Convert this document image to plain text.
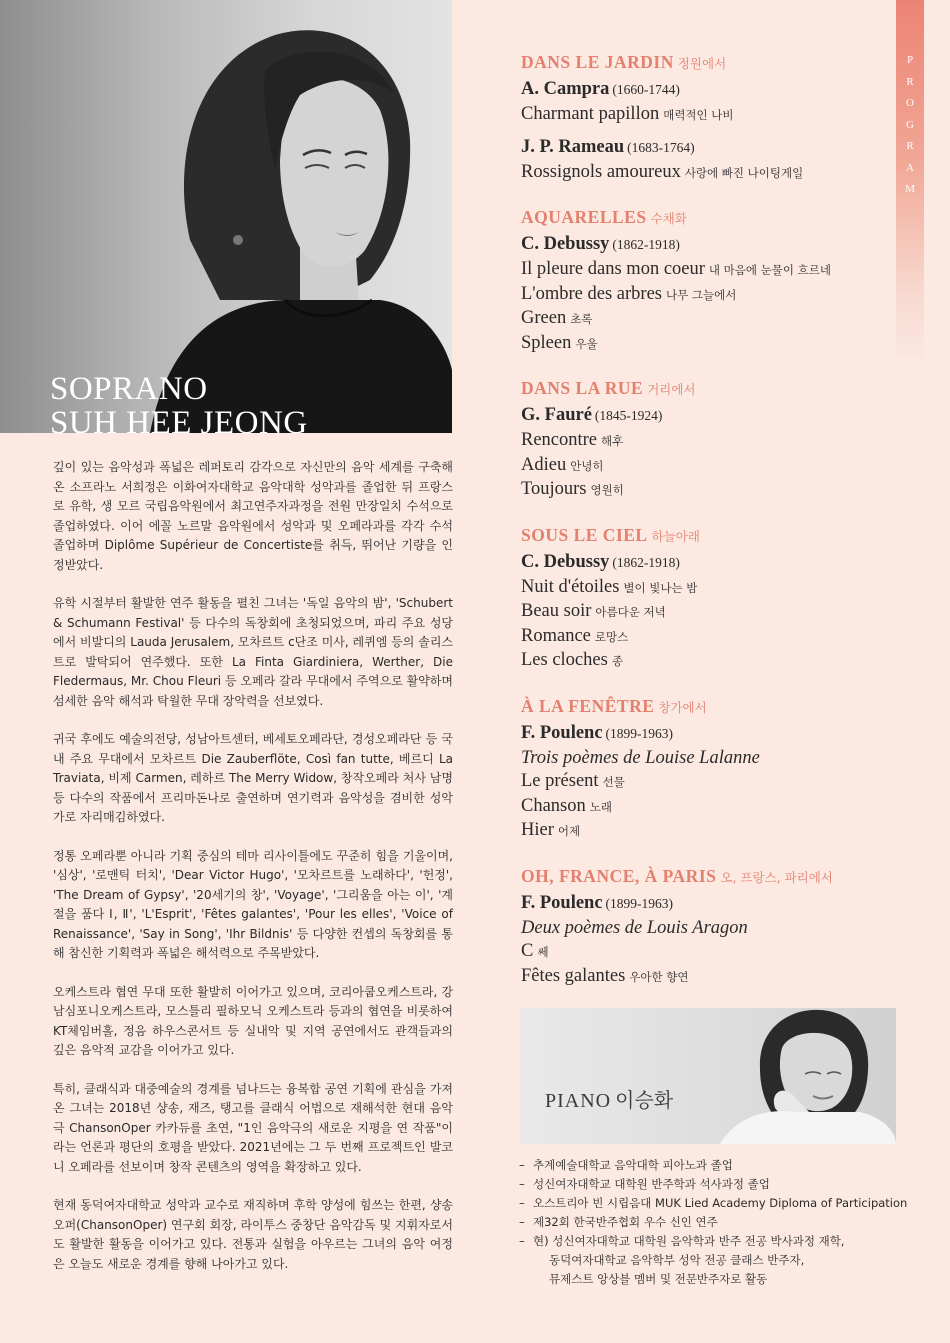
SOPRANO
SUH HEE JEONG

깊이 있는 음악성과 폭넓은 레퍼토리 감각으로 자신만의 음악 세계를 구축해온 소프라노 서희정은 이화여자대학교 음악대학 성악과를 졸업한 뒤 프랑스로 유학, 생 모르 국립음악원에서 최고연주자과정을 전원 만장일치 수석으로 졸업하였다. 이어 에꼴 노르말 음악원에서 성악과 및 오페라과를 각각 수석 졸업하며 Diplôme Supérieur de Concertiste를 취득, 뛰어난 기량을 인정받았다.

유학 시절부터 활발한 연주 활동을 펼친 그녀는 '독일 음악의 밤', 'Schubert & Schumann Festival' 등 다수의 독창회에 초청되었으며, 파리 주요 성당에서 비발디의 Lauda Jerusalem, 모차르트 c단조 미사, 레퀴엠 등의 솔리스트로 발탁되어 연주했다. 또한 La Finta Giardiniera, Werther, Die Fledermaus, Mr. Chou Fleuri 등 오페라 갈라 무대에서 주역으로 활약하며 섬세한 음악 해석과 탁월한 무대 장악력을 선보였다.

귀국 후에도 예술의전당, 성남아트센터, 베세토오페라단, 경성오페라단 등 국내 주요 무대에서 모차르트 Die Zauberflöte, Così fan tutte, 베르디 La Traviata, 비제 Carmen, 레하르 The Merry Widow, 창작오페라 처사 남명 등 다수의 작품에서 프리마돈나로 출연하며 연기력과 음악성을 겸비한 성악가로 자리매김하였다.

정통 오페라뿐 아니라 기획 중심의 테마 리사이틀에도 꾸준히 힘을 기울이며, '심상', '로맨틱 터치', 'Dear Victor Hugo', '모차르트를 노래하다', '헌정', 'The Dream of Gypsy', '20세기의 창', 'Voyage', '그리움을 아는 이', '계절을 품다 Ⅰ, Ⅱ', 'L'Esprit', 'Fêtes galantes', 'Pour les elles', 'Voice of Renaissance', 'Say in Song', 'Ihr Bildnis' 등 다양한 컨셉의 독창회를 통해 참신한 기획력과 폭넓은 해석력으로 주목받았다.

오케스트라 협연 무대 또한 활발히 이어가고 있으며, 코리아쿱오케스트라, 강남심포니오케스트라, 모스틀리 필하모닉 오케스트라 등과의 협연을 비롯하여 KT체임버홀, 정음 하우스콘서트 등 실내악 및 지역 공연에서도 관객들과의 깊은 음악적 교감을 이어가고 있다.

특히, 클래식과 대중예술의 경계를 넘나드는 융복합 공연 기획에 관심을 가져온 그녀는 2018년 샹송, 재즈, 탱고를 클래식 어법으로 재해석한 현대 음악극 ChansonOper 카카듀를 초연, "1인 음악극의 새로운 지평을 연 작품"이라는 언론과 평단의 호평을 받았다. 2021년에는 그 두 번째 프로젝트인 발코니 오페라를 선보이며 창작 콘텐츠의 영역을 확장하고 있다.

현재 동덕여자대학교 성악과 교수로 재직하며 후학 양성에 힘쓰는 한편, 샹송오퍼(ChansonOper) 연구회 회장, 라이투스 중창단 음악감독 및 지휘자로서도 활발한 활동을 이어가고 있다. 전통과 실험을 아우르는 그녀의 음악 여정은 오늘도 새로운 경계를 향해 나아가고 있다.

P
R
O
G
R
A
M
DANS LE JARDIN 정원에서
A. Campra (1660-1744)
Charmant papillon 매력적인 나비
J. P. Rameau (1683-1764)
Rossignols amoureux 사랑에 빠진 나이팅게일
AQUARELLES 수채화
C. Debussy (1862-1918)
Il pleure dans mon coeur 내 마음에 눈물이 흐르네
L'ombre des arbres 나무 그늘에서
Green 초록
Spleen 우울
DANS LA RUE 거리에서
G. Fauré (1845-1924)
Rencontre 해후
Adieu 안녕히
Toujours 영원히
SOUS LE CIEL 하늘아래
C. Debussy (1862-1918)
Nuit d'étoiles 별이 빛나는 밤
Beau soir 아름다운 저녁
Romance 로망스
Les cloches 종
À LA FENÊTRE 창가에서
F. Poulenc (1899-1963)
Trois poèmes de Louise Lalanne
Le présent 선물
Chanson 노래
Hier 어제
OH, FRANCE, À PARIS 오, 프랑스, 파리에서
F. Poulenc (1899-1963)
Deux poèmes de Louis Aragon
C쎄
Fêtes galantes 우아한 향연
PIANO 이승화
– 추계예술대학교 음악대학 피아노과 졸업
– 성신여자대학교 대학원 반주학과 석사과정 졸업
– 오스트리아 빈 시립음대 MUK Lied Academy Diploma of Participation
– 제32회 한국반주협회 우수 신인 연주
– 현) 성신여자대학교 대학원 음악학과 반주 전공 박사과정 재학,
동덕여자대학교 음악학부 성악 전공 클래스 반주자,
뮤제스트 앙상블 멤버 및 전문반주자로 활동
